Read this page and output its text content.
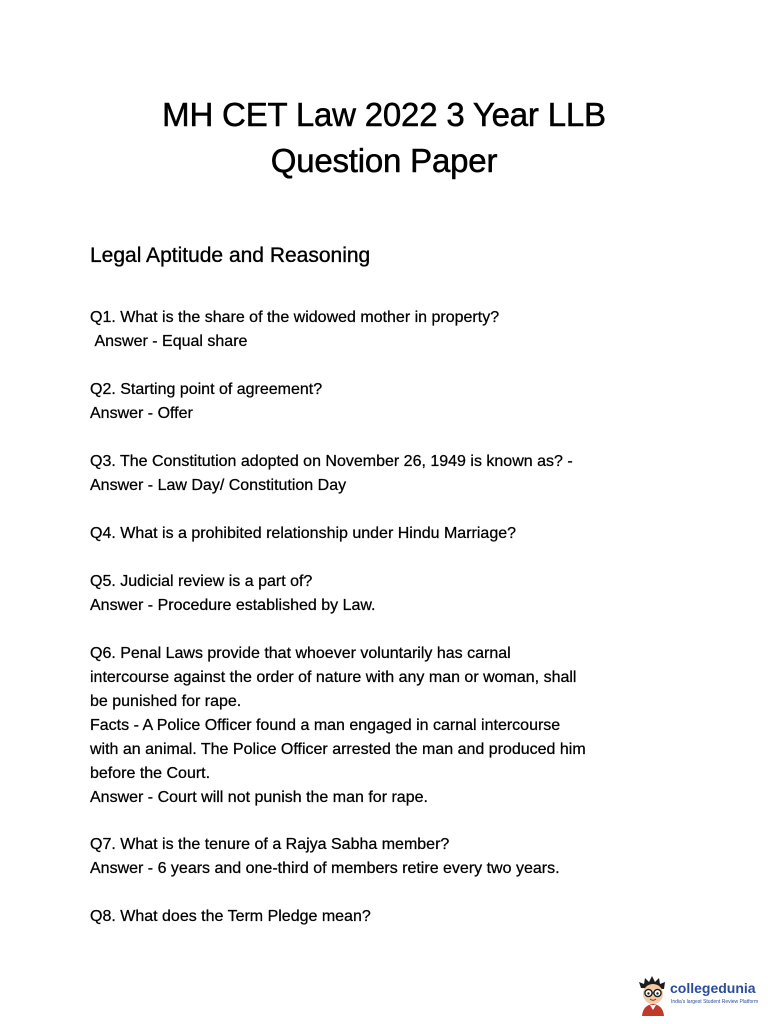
MH CET Law 2022 3 Year LLB
Question Paper
Legal Aptitude and Reasoning

Q1. What is the share of the widowed mother in property?

Answer - Equal share

Q2. Starting point of agreement?

Answer - Offer

Q3. The Constitution adopted on November 26, 1949 is known as? -

Answer - Law Day/ Constitution Day

Q4. What is a prohibited relationship under Hindu Marriage?

Q5. Judicial review is a part of?

Answer - Procedure established by Law.

Q6. Penal Laws provide that whoever voluntarily has carnal

intercourse against the order of nature with any man or woman, shall

be punished for rape.

Facts - A Police Officer found a man engaged in carnal intercourse

with an animal. The Police Officer arrested the man and produced him

before the Court.

Answer - Court will not punish the man for rape.

Q7. What is the tenure of a Rajya Sabha member?

Answer - 6 years and one-third of members retire every two years.

Q8. What does the Term Pledge mean?

collegedunia
India's largest Student Review Platform
